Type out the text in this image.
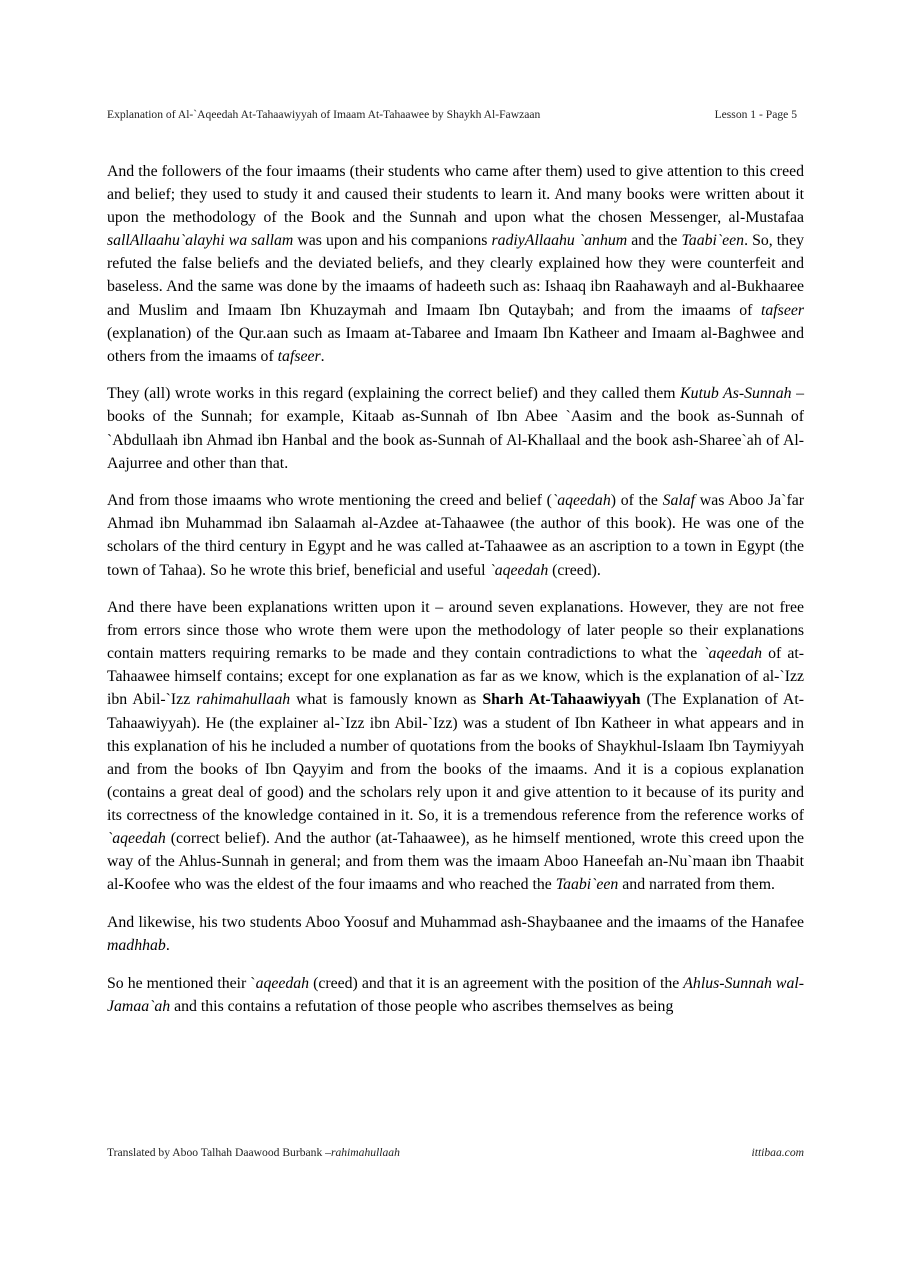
Explanation of Al-`Aqeedah At-Tahaawiyyah of Imaam At-Tahaawee by Shaykh Al-Fawzaan	Lesson 1 - Page 5

And the followers of the four imaams (their students who came after them) used to give attention to this creed and belief; they used to study it and caused their students to learn it. And many books were written about it upon the methodology of the Book and the Sunnah and upon what the chosen Messenger, al-Mustafaa sallAllaahu`alayhi wa sallam was upon and his companions radiyAllaahu `anhum and the Taabi`een. So, they refuted the false beliefs and the deviated beliefs, and they clearly explained how they were counterfeit and baseless. And the same was done by the imaams of hadeeth such as: Ishaaq ibn Raahawayh and al-Bukhaaree and Muslim and Imaam Ibn Khuzaymah and Imaam Ibn Qutaybah; and from the imaams of tafseer (explanation) of the Qur.aan such as Imaam at-Tabaree and Imaam Ibn Katheer and Imaam al-Baghwee and others from the imaams of tafseer.

They (all) wrote works in this regard (explaining the correct belief) and they called them Kutub As-Sunnah – books of the Sunnah; for example, Kitaab as-Sunnah of Ibn Abee `Aasim and the book as-Sunnah of `Abdullaah ibn Ahmad ibn Hanbal and the book as-Sunnah of Al-Khallaal and the book ash-Sharee`ah of Al-Aajurree and other than that.

And from those imaams who wrote mentioning the creed and belief (`aqeedah) of the Salaf was Aboo Ja`far Ahmad ibn Muhammad ibn Salaamah al-Azdee at-Tahaawee (the author of this book). He was one of the scholars of the third century in Egypt and he was called at-Tahaawee as an ascription to a town in Egypt (the town of Tahaa). So he wrote this brief, beneficial and useful `aqeedah (creed).

And there have been explanations written upon it – around seven explanations. However, they are not free from errors since those who wrote them were upon the methodology of later people so their explanations contain matters requiring remarks to be made and they contain contradictions to what the `aqeedah of at-Tahaawee himself contains; except for one explanation as far as we know, which is the explanation of al-`Izz ibn Abil-`Izz rahimahullaah what is famously known as Sharh At-Tahaawiyyah (The Explanation of At-Tahaawiyyah). He (the explainer al-`Izz ibn Abil-`Izz) was a student of Ibn Katheer in what appears and in this explanation of his he included a number of quotations from the books of Shaykhul-Islaam Ibn Taymiyyah and from the books of Ibn Qayyim and from the books of the imaams. And it is a copious explanation (contains a great deal of good) and the scholars rely upon it and give attention to it because of its purity and its correctness of the knowledge contained in it. So, it is a tremendous reference from the reference works of `aqeedah (correct belief). And the author (at-Tahaawee), as he himself mentioned, wrote this creed upon the way of the Ahlus-Sunnah in general; and from them was the imaam Aboo Haneefah an-Nu`maan ibn Thaabit al-Koofee who was the eldest of the four imaams and who reached the Taabi`een and narrated from them.

And likewise, his two students Aboo Yoosuf and Muhammad ash-Shaybaanee and the imaams of the Hanafee madhhab.

So he mentioned their `aqeedah (creed) and that it is an agreement with the position of the Ahlus-Sunnah wal-Jamaa`ah and this contains a refutation of those people who ascribes themselves as being

Translated by Aboo Talhah Daawood Burbank –rahimahullaah	ittibaa.com
